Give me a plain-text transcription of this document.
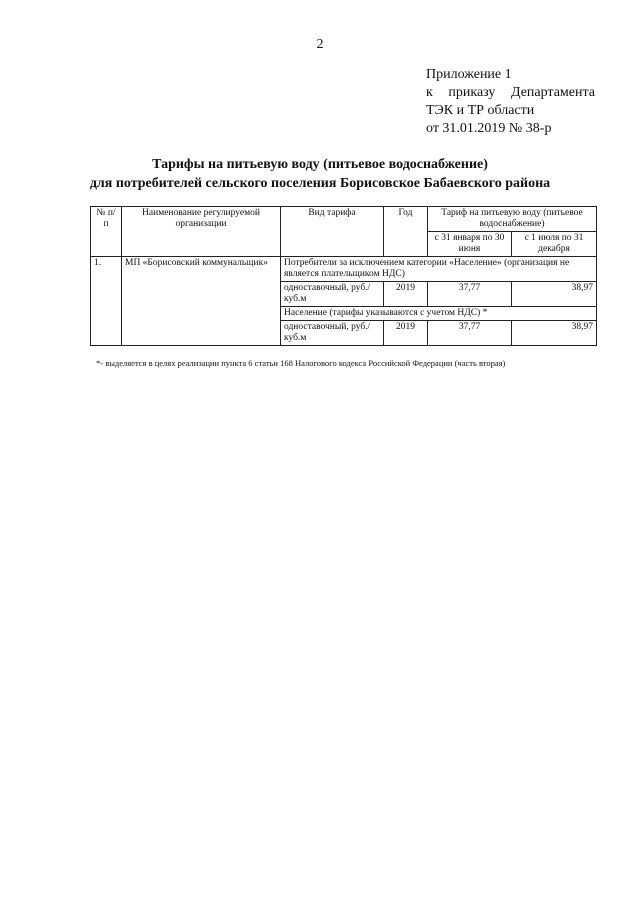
2
Приложение 1
к приказу Департамента
ТЭК и ТР области
от 31.01.2019 № 38-р
Тарифы на питьевую воду (питьевое водоснабжение)
для потребителей сельского поселения Борисовское Бабаевского района
№ п/п	Наименование регулируемой организации	Вид тарифа	Год	Тариф на питьевую воду (питьевое водоснабжение)	
				с 31 января по 30 июня	с 1 июля по 31 декабря
1.	МП «Борисовский коммунальщик»	Потребители за исключением категории «Население» (организация не является плательщиком НДС)			
		одноставочный, руб./куб.м	2019	37,77	38,97
		Население (тарифы указываются с учетом НДС) *			
		одноставочный, руб./куб.м	2019	37,77	38,97
*- выделяется в целях реализации пункта 6 статьи 168 Налогового кодекса Российской Федерации (часть вторая)
